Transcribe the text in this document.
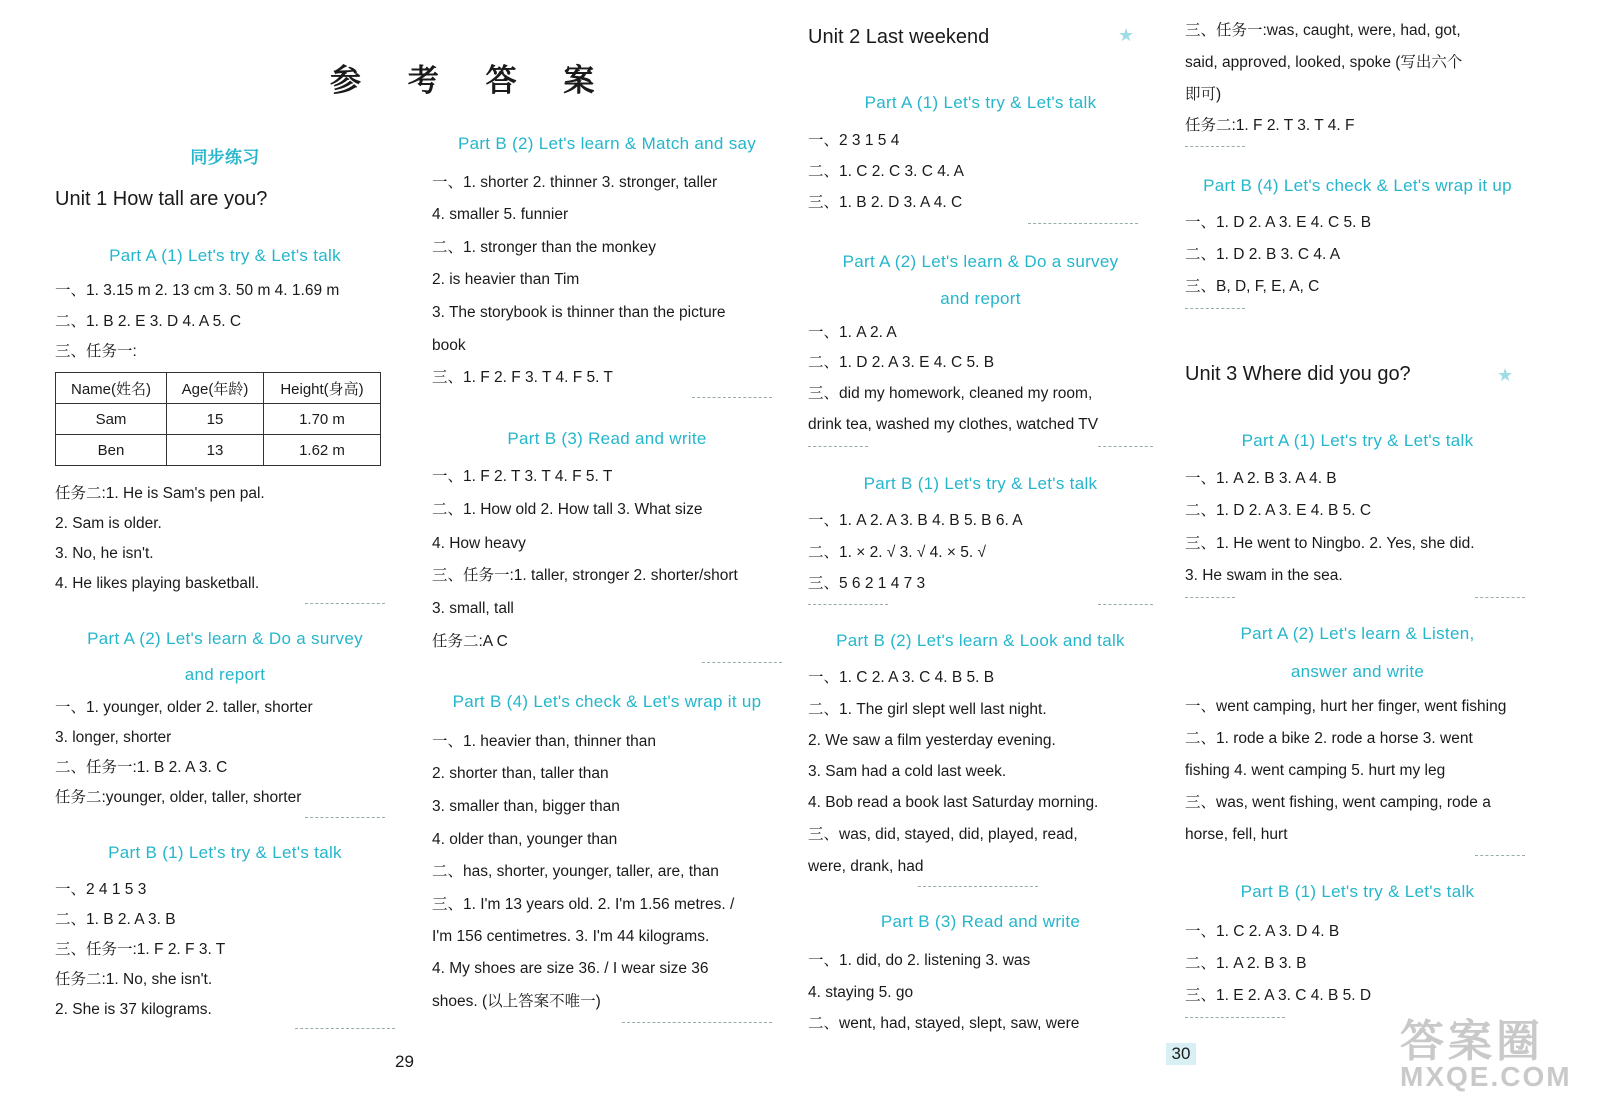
参 考 答 案
同步练习
Unit 1 How tall are you?
Part A (1) Let's try & Let's talk
一、1. 3.15 m 2. 13 cm 3. 50 m 4. 1.69 m
二、1. B 2. E 3. D 4. A 5. C
三、任务一:
Name(姓名)	Age(年龄)	Height(身高)
Sam	15	1.70 m
Ben	13	1.62 m
任务二:1. He is Sam's pen pal.
2. Sam is older.
3. No, he isn't.
4. He likes playing basketball.
Part A (2) Let's learn & Do a survey
and report
一、1. younger, older 2. taller, shorter
3. longer, shorter
二、任务一:1. B 2. A 3. C
任务二:younger, older, taller, shorter
Part B (1) Let's try & Let's talk
一、2 4 1 5 3
二、1. B 2. A 3. B
三、任务一:1. F 2. F 3. T
任务二:1. No, she isn't.
2. She is 37 kilograms.
Part B (2) Let's learn & Match and say
一、1. shorter 2. thinner 3. stronger, taller
4. smaller 5. funnier
二、1. stronger than the monkey
2. is heavier than Tim
3. The storybook is thinner than the picture
book
三、1. F 2. F 3. T 4. F 5. T
Part B (3) Read and write
一、1. F 2. T 3. T 4. F 5. T
二、1. How old 2. How tall 3. What size
4. How heavy
三、任务一:1. taller, stronger 2. shorter/short
3. small, tall
任务二:A C
Part B (4) Let's check & Let's wrap it up
一、1. heavier than, thinner than
2. shorter than, taller than
3. smaller than, bigger than
4. older than, younger than
二、has, shorter, younger, taller, are, than
三、1. I'm 13 years old. 2. I'm 1.56 metres. /
I'm 156 centimetres. 3. I'm 44 kilograms.
4. My shoes are size 36. / I wear size 36
shoes. (以上答案不唯一)
29
Unit 2 Last weekend	★
Part A (1) Let's try & Let's talk
一、2 3 1 5 4
二、1. C 2. C 3. C 4. A
三、1. B 2. D 3. A 4. C
Part A (2) Let's learn & Do a survey
and report
一、1. A 2. A
二、1. D 2. A 3. E 4. C 5. B
三、did my homework, cleaned my room,
drink tea, washed my clothes, watched TV
Part B (1) Let's try & Let's talk
一、1. A 2. A 3. B 4. B 5. B 6. A
二、1. × 2. √ 3. √ 4. × 5. √
三、5 6 2 1 4 7 3
Part B (2) Let's learn & Look and talk
一、1. C 2. A 3. C 4. B 5. B
二、1. The girl slept well last night.
2. We saw a film yesterday evening.
3. Sam had a cold last week.
4. Bob read a book last Saturday morning.
三、was, did, stayed, did, played, read,
were, drank, had
Part B (3) Read and write
一、1. did, do 2. listening 3. was
4. staying 5. go
二、went, had, stayed, slept, saw, were
三、任务一:was, caught, were, had, got,
said, approved, looked, spoke (写出六个
即可)
任务二:1. F 2. T 3. T 4. F
Part B (4) Let's check & Let's wrap it up
一、1. D 2. A 3. E 4. C 5. B
二、1. D 2. B 3. C 4. A
三、B, D, F, E, A, C
Unit 3 Where did you go?	★
Part A (1) Let's try & Let's talk
一、1. A 2. B 3. A 4. B
二、1. D 2. A 3. E 4. B 5. C
三、1. He went to Ningbo. 2. Yes, she did.
3. He swam in the sea.
Part A (2) Let's learn & Listen,
answer and write
一、went camping, hurt her finger, went fishing
二、1. rode a bike 2. rode a horse 3. went
fishing 4. went camping 5. hurt my leg
三、was, went fishing, went camping, rode a
horse, fell, hurt
Part B (1) Let's try & Let's talk
一、1. C 2. A 3. D 4. B
二、1. A 2. B 3. B
三、1. E 2. A 3. C 4. B 5. D
30	答案圈
MXQE.COM
